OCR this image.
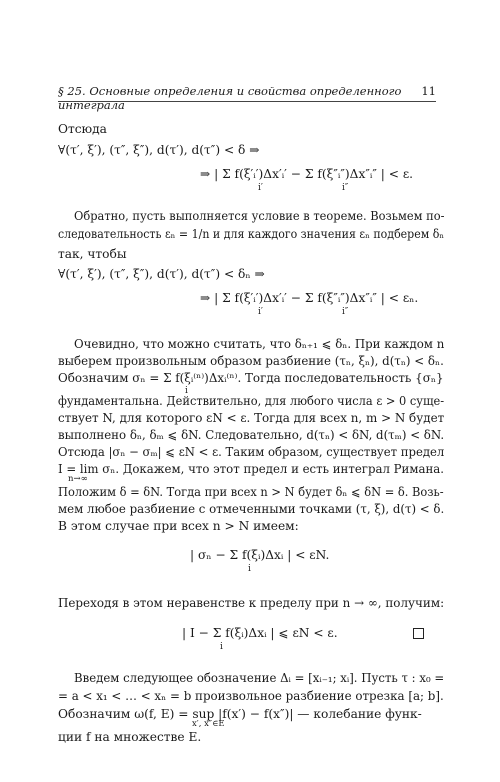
§ 25. Основные определения и свойства определенного интеграла
11
Отсюда
∀(τ′, ξ′), (τ″, ξ″), d(τ′), d(τ″) < δ ⇒
⇒ | Σ f(ξ′ᵢ′)Δx′ᵢ′ − Σ f(ξ″ᵢ″)Δx″ᵢ″ | < ε.
i′	i″
Обратно, пусть выполняется условие в теореме. Возьмем по-
следовательность εₙ = 1/n и для каждого значения εₙ подберем δₙ
так, чтобы
∀(τ′, ξ′), (τ″, ξ″), d(τ′), d(τ″) < δₙ ⇒
⇒ | Σ f(ξ′ᵢ′)Δx′ᵢ′ − Σ f(ξ″ᵢ″)Δx″ᵢ″ | < εₙ.
i′	i″
Очевидно, что можно считать, что δₙ₊₁ ⩽ δₙ. При каждом n
выберем произвольным образом разбиение (τₙ, ξₙ), d(τₙ) < δₙ.
Обозначим σₙ = Σ f(ξᵢ⁽ⁿ⁾)Δxᵢ⁽ⁿ⁾. Тогда последовательность {σₙ}
i
фундаментальна. Действительно, для любого числа ε > 0 суще-
ствует N, для которого εN < ε. Тогда для всех n, m > N будет
выполнено δₙ, δₘ ⩽ δN. Следовательно, d(τₙ) < δN, d(τₘ) < δN.
Отсюда |σₙ − σₘ| ⩽ εN < ε. Таким образом, существует предел
I = lim σₙ. Докажем, что этот предел и есть интеграл Римана.
n→∞
Положим δ = δN. Тогда при всех n > N будет δₙ ⩽ δN = δ. Возь-
мем любое разбиение с отмеченными точками (τ, ξ), d(τ) < δ.
В этом случае при всех n > N имеем:
| σₙ − Σ f(ξᵢ)Δxᵢ | < εN.
i
Переходя в этом неравенстве к пределу при n → ∞, получим:
| I − Σ f(ξᵢ)Δxᵢ | ⩽ εN < ε.
i
Введем следующее обозначение Δᵢ = [xᵢ₋₁; xᵢ]. Пусть τ : x₀ =
= a < x₁ < … < xₙ = b произвольное разбиение отрезка [a; b].
Обозначим ω(f, E) = sup |f(x′) − f(x″)| — колебание функ-
x′, x″∈E
ции f на множестве E.
